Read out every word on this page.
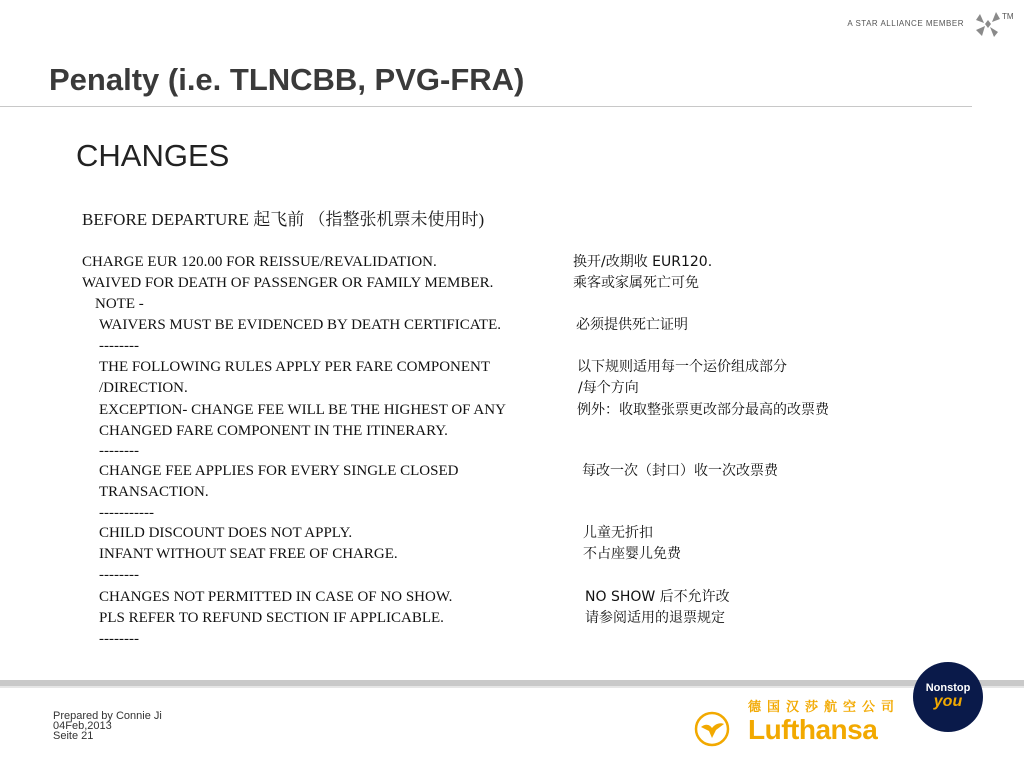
A STAR ALLIANCE MEMBER
TM
Penalty (i.e. TLNCBB, PVG-FRA)
CHANGES
BEFORE DEPARTURE 起飞前 （指整张机票未使用时)
CHARGE EUR 120.00 FOR REISSUE/REVALIDATION.
WAIVED FOR DEATH OF PASSENGER OR FAMILY MEMBER.
NOTE -
WAIVERS MUST BE EVIDENCED BY DEATH CERTIFICATE.
--------
THE FOLLOWING RULES APPLY PER FARE COMPONENT
/DIRECTION.
EXCEPTION- CHANGE FEE WILL BE THE HIGHEST OF ANY
CHANGED FARE COMPONENT IN THE ITINERARY.
--------
CHANGE FEE APPLIES FOR EVERY SINGLE CLOSED
TRANSACTION.
-----------
CHILD DISCOUNT DOES NOT APPLY.
INFANT WITHOUT SEAT FREE OF CHARGE.
--------
CHANGES NOT PERMITTED IN CASE OF NO SHOW.
PLS REFER TO REFUND SECTION IF APPLICABLE.
--------
换开/改期收 EUR120.
乘客或家属死亡可免
必须提供死亡证明
以下规则适用每一个运价组成部分
/每个方向
例外：收取整张票更改部分最高的改票费
每改一次（封口）收一次改票费
儿童无折扣
不占座婴儿免费
NO SHOW 后不允许改
请参阅适用的退票规定
Prepared by Connie Ji
04Feb,2013
Seite 21
德国汉莎航空公司
Lufthansa
Nonstop
you
